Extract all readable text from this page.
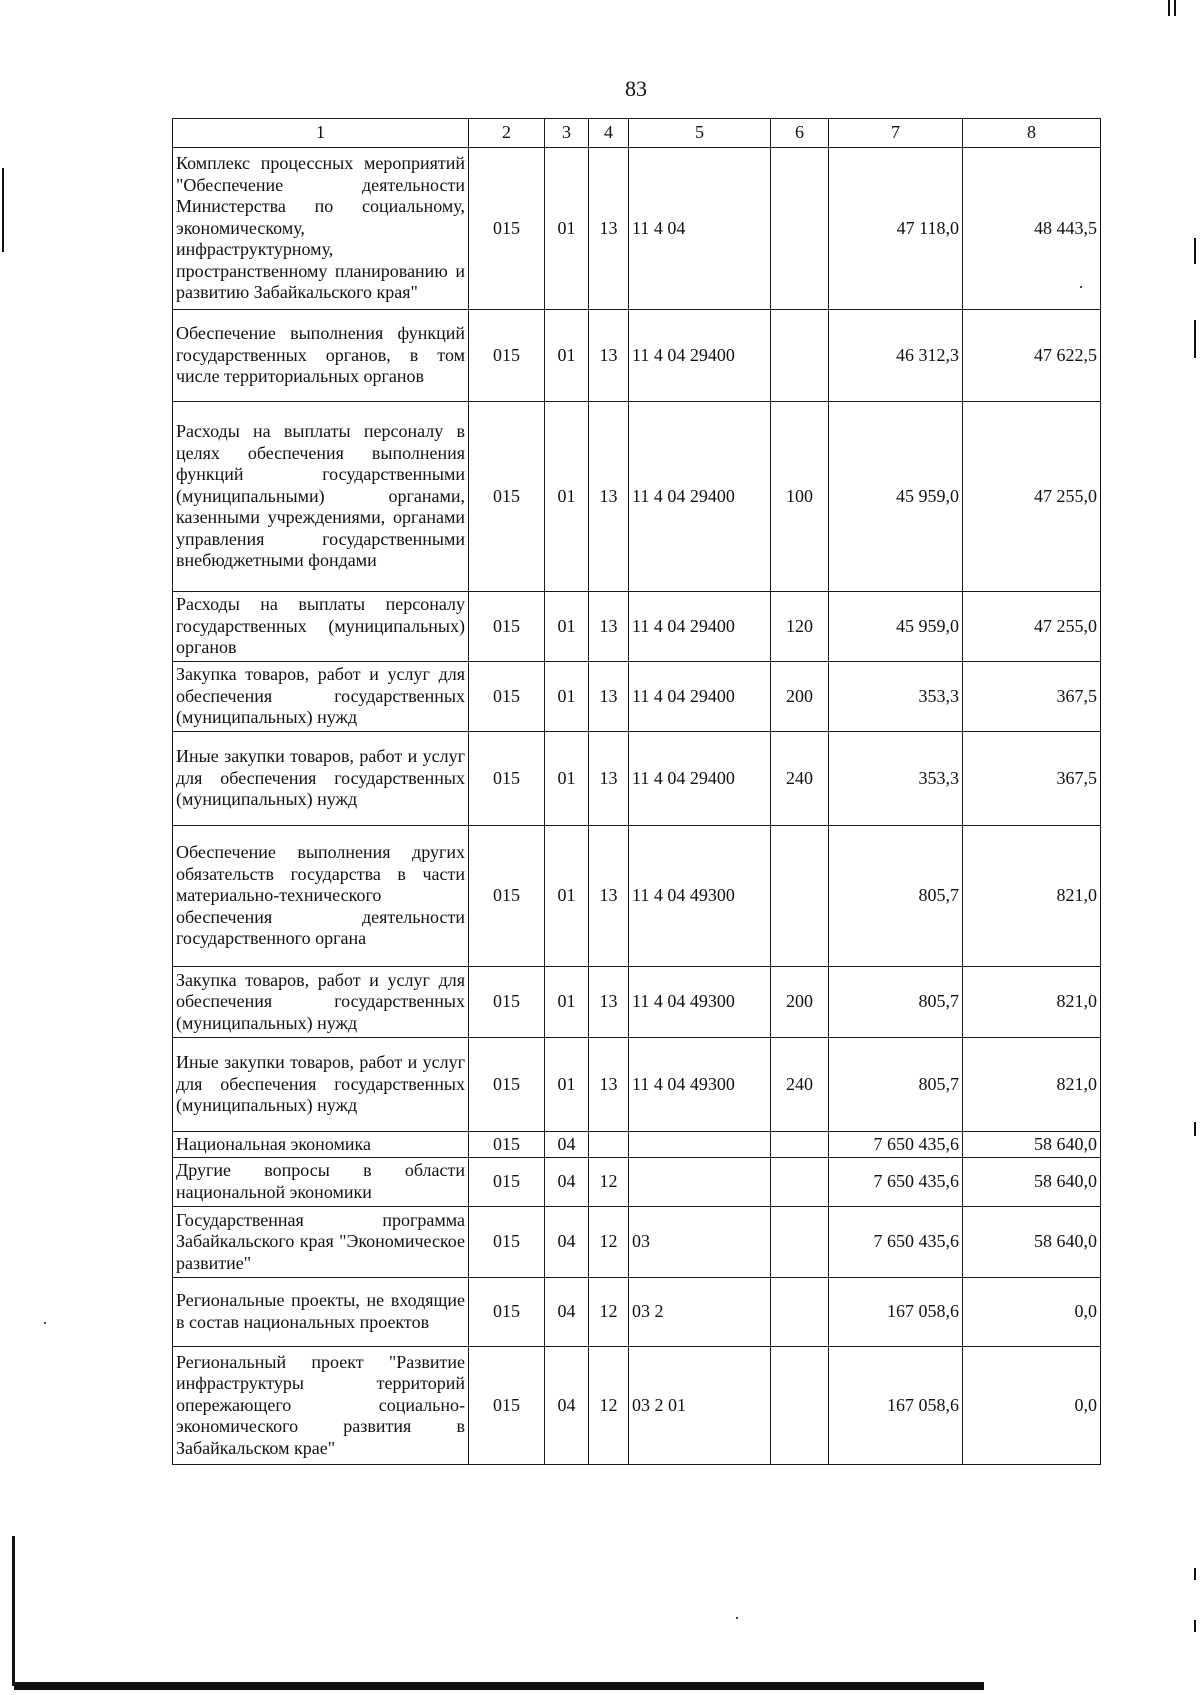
83
1	2	3	4	5	6	7	8
Комплекс процессных мероприятий "Обеспечение деятельности Министерства по социальному, экономическому, инфраструктурному, пространственному планированию и развитию Забайкальского края"	015	01	13	11 4 04		47 118,0	48 443,5
Обеспечение выполнения функций государственных органов, в том числе территориальных органов	015	01	13	11 4 04 29400		46 312,3	47 622,5
Расходы на выплаты персоналу в целях обеспечения выполнения функций государственными (муниципальными) органами, казенными учреждениями, органами управления государственными внебюджетными фондами	015	01	13	11 4 04 29400	100	45 959,0	47 255,0
Расходы на выплаты персоналу государственных (муниципальных) органов	015	01	13	11 4 04 29400	120	45 959,0	47 255,0
Закупка товаров, работ и услуг для обеспечения государственных (муниципальных) нужд	015	01	13	11 4 04 29400	200	353,3	367,5
Иные закупки товаров, работ и услуг для обеспечения государственных (муниципальных) нужд	015	01	13	11 4 04 29400	240	353,3	367,5
Обеспечение выполнения других обязательств государства в части материально-технического обеспечения деятельности государственного органа	015	01	13	11 4 04 49300		805,7	821,0
Закупка товаров, работ и услуг для обеспечения государственных (муниципальных) нужд	015	01	13	11 4 04 49300	200	805,7	821,0
Иные закупки товаров, работ и услуг для обеспечения государственных (муниципальных) нужд	015	01	13	11 4 04 49300	240	805,7	821,0
Национальная экономика	015	04				7 650 435,6	58 640,0
Другие вопросы в области национальной экономики	015	04	12			7 650 435,6	58 640,0
Государственная программа Забайкальского края "Экономическое развитие"	015	04	12	03		7 650 435,6	58 640,0
Региональные проекты, не входящие в состав национальных проектов	015	04	12	03 2		167 058,6	0,0
Региональный проект "Развитие инфраструктуры территорий опережающего социально-экономического развития в Забайкальском крае"	015	04	12	03 2 01		167 058,6	0,0
